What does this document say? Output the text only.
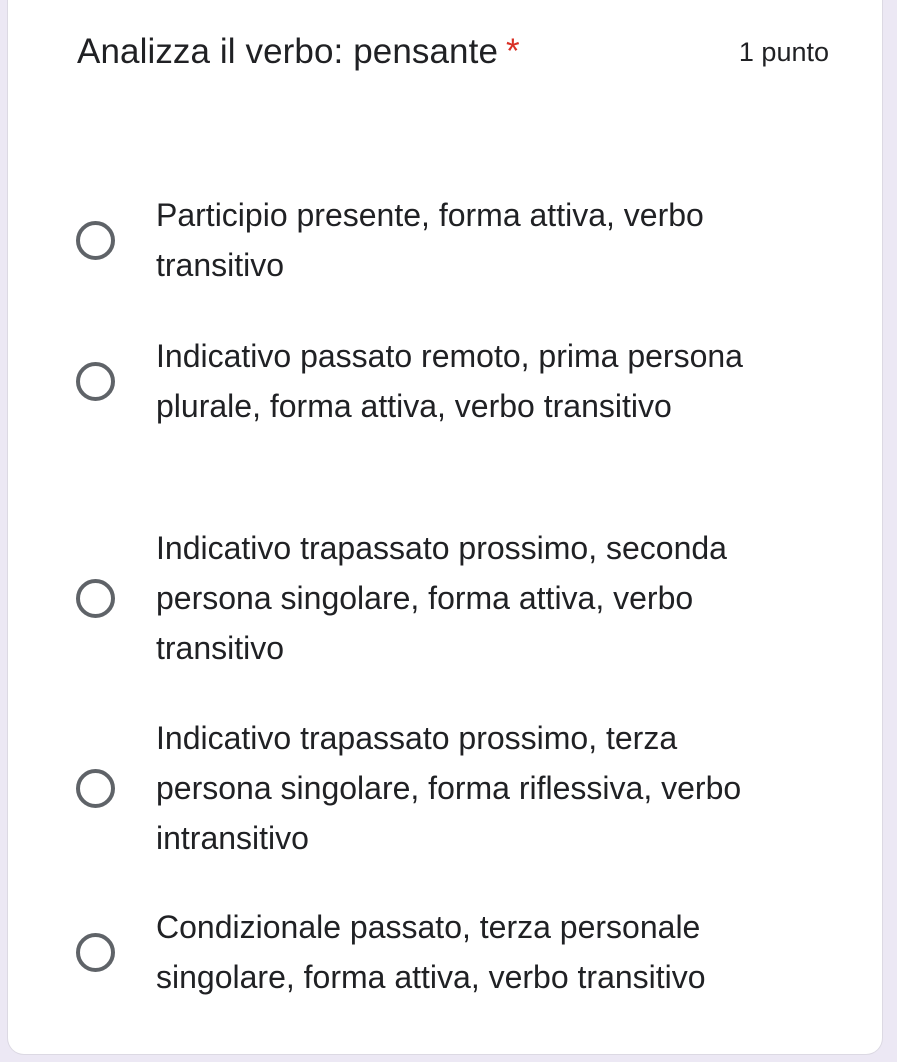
Analizza il verbo: pensante *	1 punto
Participio presente, forma attiva, verbo transitivo
Indicativo passato remoto, prima persona plurale, forma attiva, verbo transitivo
Indicativo trapassato prossimo, seconda persona singolare, forma attiva, verbo transitivo
Indicativo trapassato prossimo, terza persona singolare, forma riflessiva, verbo intransitivo
Condizionale passato, terza personale singolare, forma attiva, verbo transitivo
